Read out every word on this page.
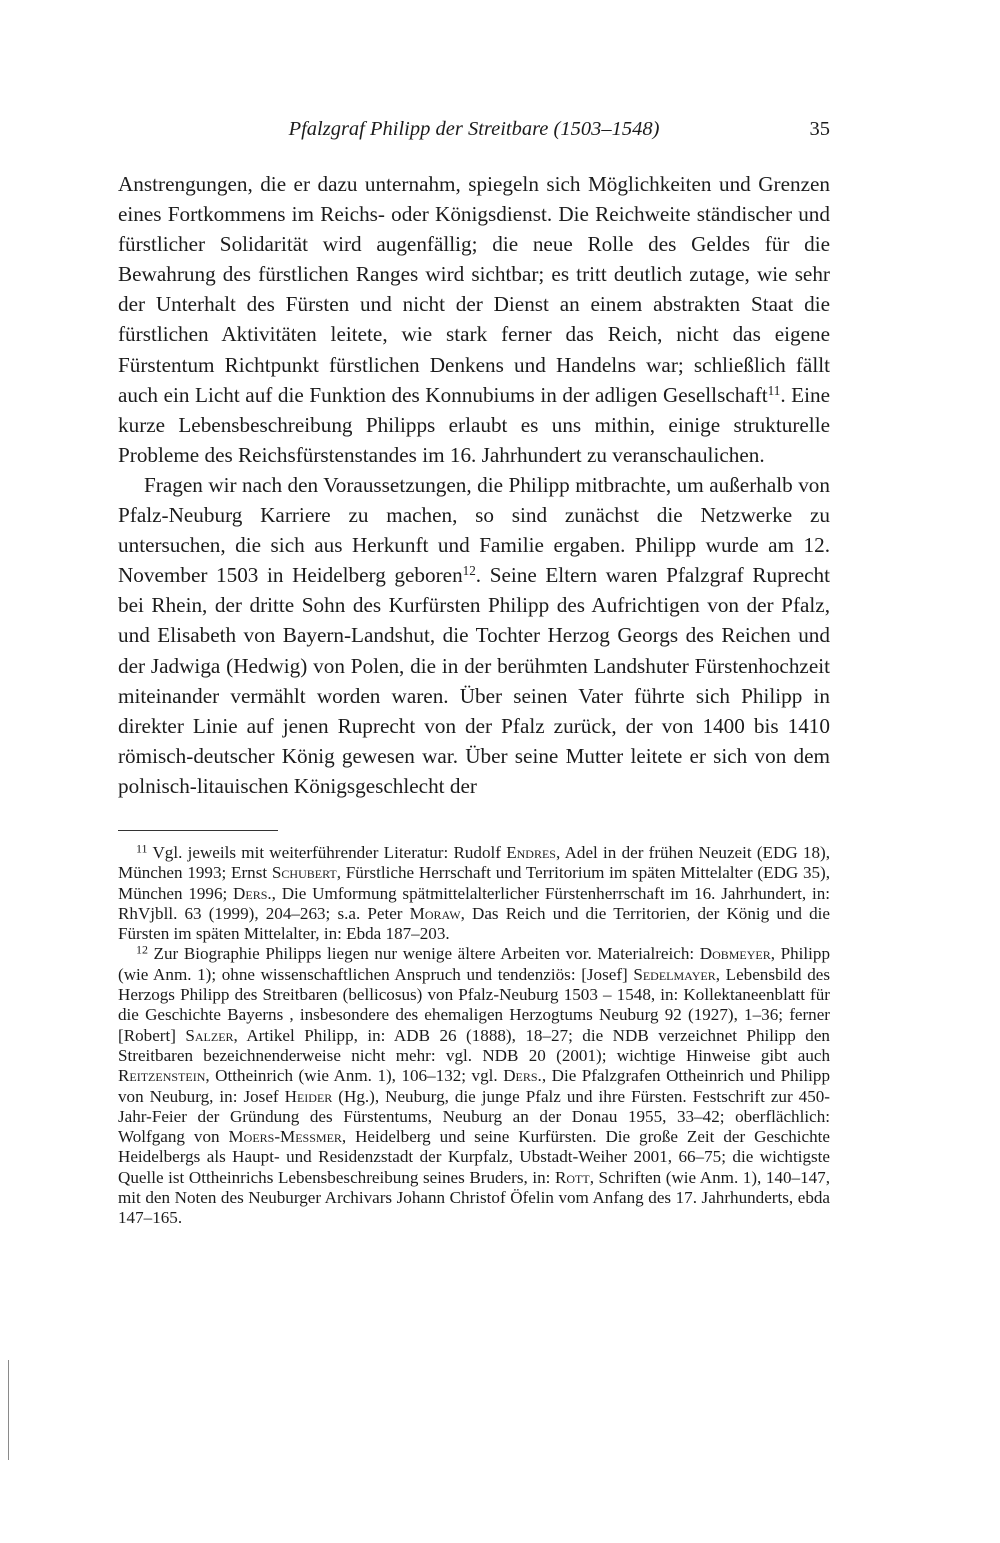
Pfalzgraf Philipp der Streitbare (1503–1548)	35

Anstrengungen, die er dazu unternahm, spiegeln sich Möglichkeiten und Grenzen eines Fortkommens im Reichs- oder Königsdienst. Die Reichweite ständischer und fürstlicher Solidarität wird augenfällig; die neue Rolle des Geldes für die Bewahrung des fürstlichen Ranges wird sichtbar; es tritt deutlich zutage, wie sehr der Unterhalt des Fürsten und nicht der Dienst an einem abstrakten Staat die fürstlichen Aktivitäten leitete, wie stark ferner das Reich, nicht das eigene Fürstentum Richtpunkt fürstlichen Denkens und Handelns war; schließlich fällt auch ein Licht auf die Funktion des Konnubiums in der adligen Gesellschaft$^{11}$. Eine kurze Lebensbeschreibung Philipps erlaubt es uns mithin, einige strukturelle Probleme des Reichsfürstenstandes im 16. Jahrhundert zu veranschaulichen.

Fragen wir nach den Voraussetzungen, die Philipp mitbrachte, um außerhalb von Pfalz-Neuburg Karriere zu machen, so sind zunächst die Netzwerke zu untersuchen, die sich aus Herkunft und Familie ergaben. Philipp wurde am 12. November 1503 in Heidelberg geboren$^{12}$. Seine Eltern waren Pfalzgraf Ruprecht bei Rhein, der dritte Sohn des Kurfürsten Philipp des Aufrichtigen von der Pfalz, und Elisabeth von Bayern-Landshut, die Tochter Herzog Georgs des Reichen und der Jadwiga (Hedwig) von Polen, die in der berühmten Landshuter Fürstenhochzeit miteinander vermählt worden waren. Über seinen Vater führte sich Philipp in direkter Linie auf jenen Ruprecht von der Pfalz zurück, der von 1400 bis 1410 römisch-deutscher König gewesen war. Über seine Mutter leitete er sich von dem polnisch-litauischen Königsgeschlecht der

$^{11}$ Vgl. jeweils mit weiterführender Literatur: Rudolf Endres, Adel in der frühen Neuzeit (EDG 18), München 1993; Ernst Schubert, Fürstliche Herrschaft und Territorium im späten Mittelalter (EDG 35), München 1996; Ders., Die Umformung spätmittelalterlicher Fürstenherrschaft im 16. Jahrhundert, in: RhVjbll. 63 (1999), 204–263; s.a. Peter Moraw, Das Reich und die Territorien, der König und die Fürsten im späten Mittelalter, in: Ebda 187–203.

$^{12}$ Zur Biographie Philipps liegen nur wenige ältere Arbeiten vor. Materialreich: Dobmeyer, Philipp (wie Anm. 1); ohne wissenschaftlichen Anspruch und tendenziös: [Josef] Sedelmayer, Lebensbild des Herzogs Philipp des Streitbaren (bellicosus) von Pfalz-Neuburg 1503 – 1548, in: Kollektaneenblatt für die Geschichte Bayerns , insbesondere des ehemaligen Herzogtums Neuburg 92 (1927), 1–36; ferner [Robert] Salzer, Artikel Philipp, in: ADB 26 (1888), 18–27; die NDB verzeichnet Philipp den Streitbaren bezeichnenderweise nicht mehr: vgl. NDB 20 (2001); wichtige Hinweise gibt auch Reitzenstein, Ottheinrich (wie Anm. 1), 106–132; vgl. Ders., Die Pfalzgrafen Ottheinrich und Philipp von Neuburg, in: Josef Heider (Hg.), Neuburg, die junge Pfalz und ihre Fürsten. Festschrift zur 450-Jahr-Feier der Gründung des Fürstentums, Neuburg an der Donau 1955, 33–42; oberflächlich: Wolfgang von Moers-Messmer, Heidelberg und seine Kurfürsten. Die große Zeit der Geschichte Heidelbergs als Haupt- und Residenzstadt der Kurpfalz, Ubstadt-Weiher 2001, 66–75; die wichtigste Quelle ist Ottheinrichs Lebensbeschreibung seines Bruders, in: Rott, Schriften (wie Anm. 1), 140–147, mit den Noten des Neuburger Archivars Johann Christof Öfelin vom Anfang des 17. Jahrhunderts, ebda 147–165.
